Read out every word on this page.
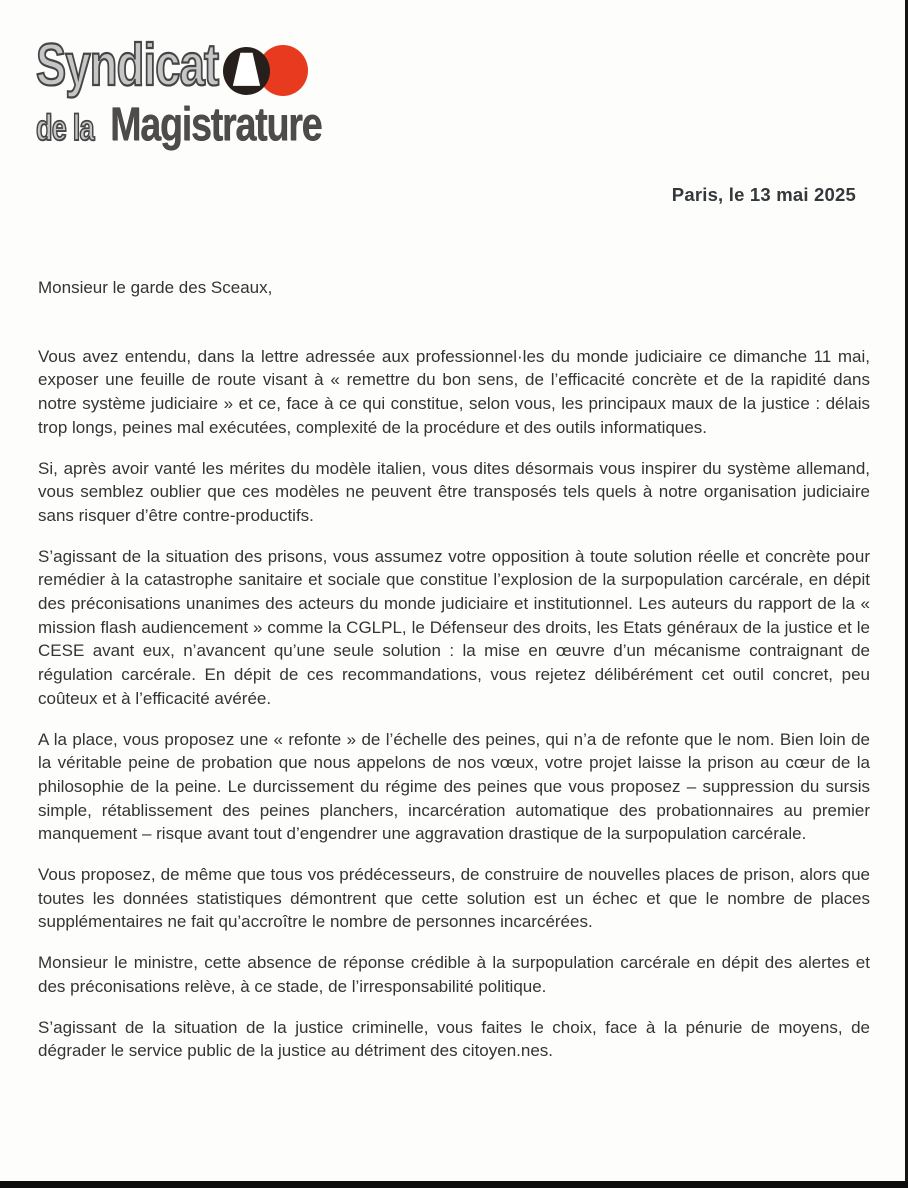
Syndicat
de la Magistrature
Paris, le 13 mai 2025

Monsieur le garde des Sceaux,

Vous avez entendu, dans la lettre adressée aux professionnel·les du monde judiciaire ce dimanche 11 mai, exposer une feuille de route visant à « remettre du bon sens, de l’efficacité concrète et de la rapidité dans notre système judiciaire » et ce, face à ce qui constitue, selon vous, les principaux maux de la justice : délais trop longs, peines mal exécutées, complexité de la procédure et des outils informatiques.

Si, après avoir vanté les mérites du modèle italien, vous dites désormais vous inspirer du système allemand, vous semblez oublier que ces modèles ne peuvent être transposés tels quels à notre organisation judiciaire sans risquer d’être contre-productifs.

S’agissant de la situation des prisons, vous assumez votre opposition à toute solution réelle et concrète pour remédier à la catastrophe sanitaire et sociale que constitue l’explosion de la surpopulation carcérale, en dépit des préconisations unanimes des acteurs du monde judiciaire et institutionnel. Les auteurs du rapport de la « mission flash audiencement » comme la CGLPL, le Défenseur des droits, les Etats généraux de la justice et le CESE avant eux, n’avancent qu’une seule solution : la mise en œuvre d’un mécanisme contraignant de régulation carcérale. En dépit de ces recommandations, vous rejetez délibérément cet outil concret, peu coûteux et à l’efficacité avérée.

A la place, vous proposez une « refonte » de l’échelle des peines, qui n’a de refonte que le nom. Bien loin de la véritable peine de probation que nous appelons de nos vœux, votre projet laisse la prison au cœur de la philosophie de la peine. Le durcissement du régime des peines que vous proposez – suppression du sursis simple, rétablissement des peines planchers, incarcération automatique des probationnaires au premier manquement – risque avant tout d’engendrer une aggravation drastique de la surpopulation carcérale.

Vous proposez, de même que tous vos prédécesseurs, de construire de nouvelles places de prison, alors que toutes les données statistiques démontrent que cette solution est un échec et que le nombre de places supplémentaires ne fait qu’accroître le nombre de personnes incarcérées.

Monsieur le ministre, cette absence de réponse crédible à la surpopulation carcérale en dépit des alertes et des préconisations relève, à ce stade, de l’irresponsabilité politique.

S’agissant de la situation de la justice criminelle, vous faites le choix, face à la pénurie de moyens, de dégrader le service public de la justice au détriment des citoyen.nes.
